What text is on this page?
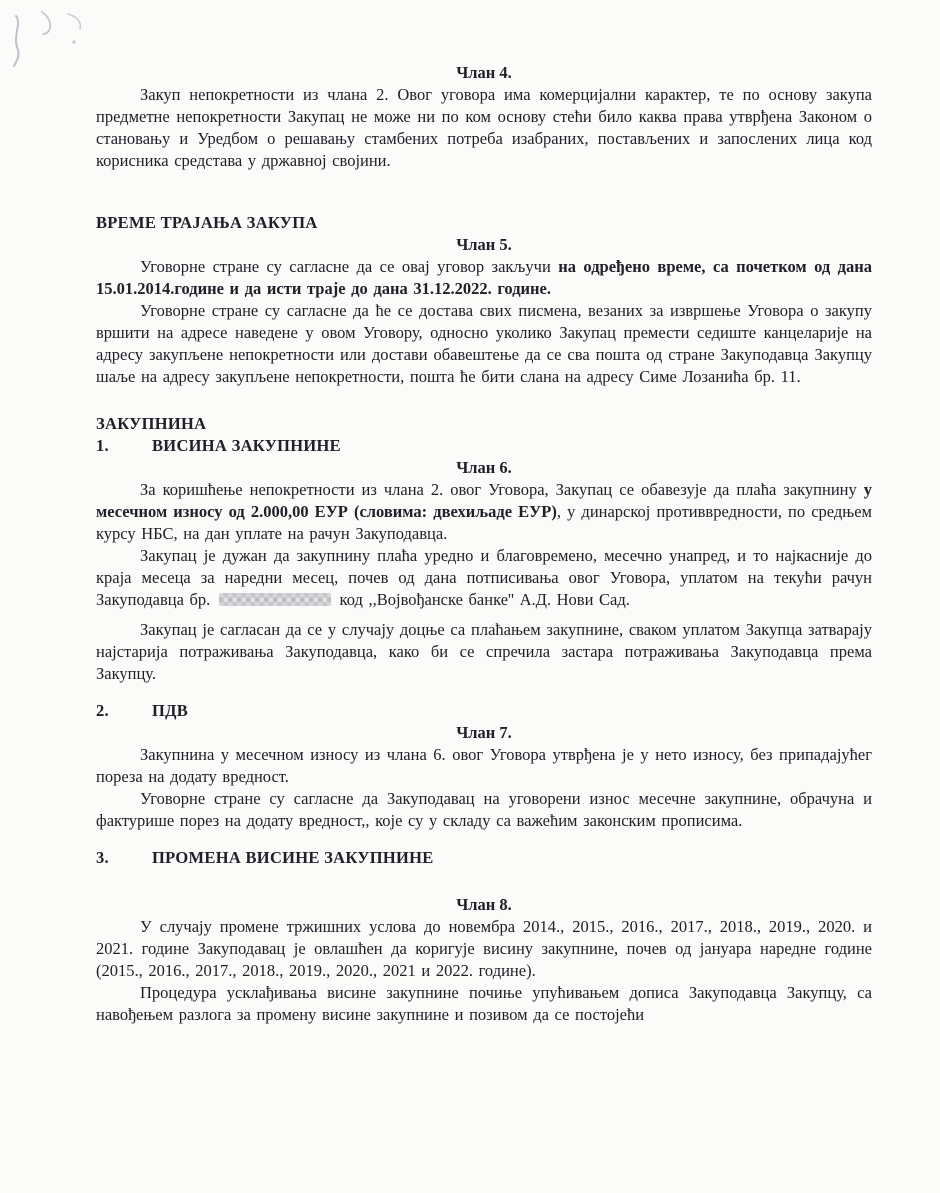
Члан 4.

Закуп непокретности из члана 2. Овог уговора има комерцијални карактер, те по основу закупа предметне непокретности Закупац не може ни по ком основу стећи било каква права утврђена Законом о становању и Уредбом о решавању стамбених потреба изабраних, постављених и запослених лица код корисника средстава у државној својини.

ВРЕМЕ ТРАЈАЊА ЗАКУПА
Члан 5.

Уговорне стране су сагласне да се овај уговор закључи на одређено време, са почетком од дана 15.01.2014.године и да исти траје до дана 31.12.2022. године.

Уговорне стране су сагласне да ће се достава свих писмена, везаних за извршење Уговора о закупу вршити на адресе наведене у овом Уговору, односно уколико Закупац премести седиште канцеларије на адресу закупљене непокретности или достави обавештење да се сва пошта од стране Закуподавца Закупцу шаље на адресу закупљене непокретности, пошта ће бити слана на адресу Симе Лозанића бр. 11.

ЗАКУПНИНА
1.	ВИСИНА ЗАКУПНИНЕ
Члан 6.

За коришћење непокретности из члана 2. овог Уговора, Закупац се обавезује да плаћа закупнину у месечном износу од 2.000,00 ЕУР (словима: двехиљаде ЕУР), у динарској противвредности, по средњем курсу НБС, на дан уплате на рачун Закуподавца.

Закупац је дужан да закупнину плаћа уредно и благовремено, месечно унапред, и то најкасније до краја месеца за наредни месец, почев од дана потписивања овог Уговора, уплатом на текући рачун Закуподавца бр.	код ,,Војвођанске банке'' А.Д. Нови Сад.

Закупац је сагласан да се у случају доцње са плаћањем закупнине, сваком уплатом Закупца затварају најстарија потраживања Закуподавца, како би се спречила застара потраживања Закуподавца према Закупцу.

2.	ПДВ
Члан 7.

Закупнина у месечном износу из члана 6. овог Уговора утврђена је у нето износу, без припадајућег пореза на додату вредност.

Уговорне стране су сагласне да Закуподавац на уговорени износ месечне закупнине, обрачуна и фактурише порез на додату вредност,, које су у складу са важећим законским прописима.

3.	ПРОМЕНА ВИСИНЕ ЗАКУПНИНЕ
Члан 8.

У случају промене тржишних услова до новембра 2014., 2015., 2016., 2017., 2018., 2019., 2020. и 2021. године Закуподавац је овлашћен да коригује висину закупнине, почев од јануара наредне године (2015., 2016., 2017., 2018., 2019., 2020., 2021 и 2022. године).

Процедура усклађивања висине закупнине почиње упућивањем дописа Закуподавца Закупцу, са навођењем разлога за промену висине закупнине и позивом да се постојећи
